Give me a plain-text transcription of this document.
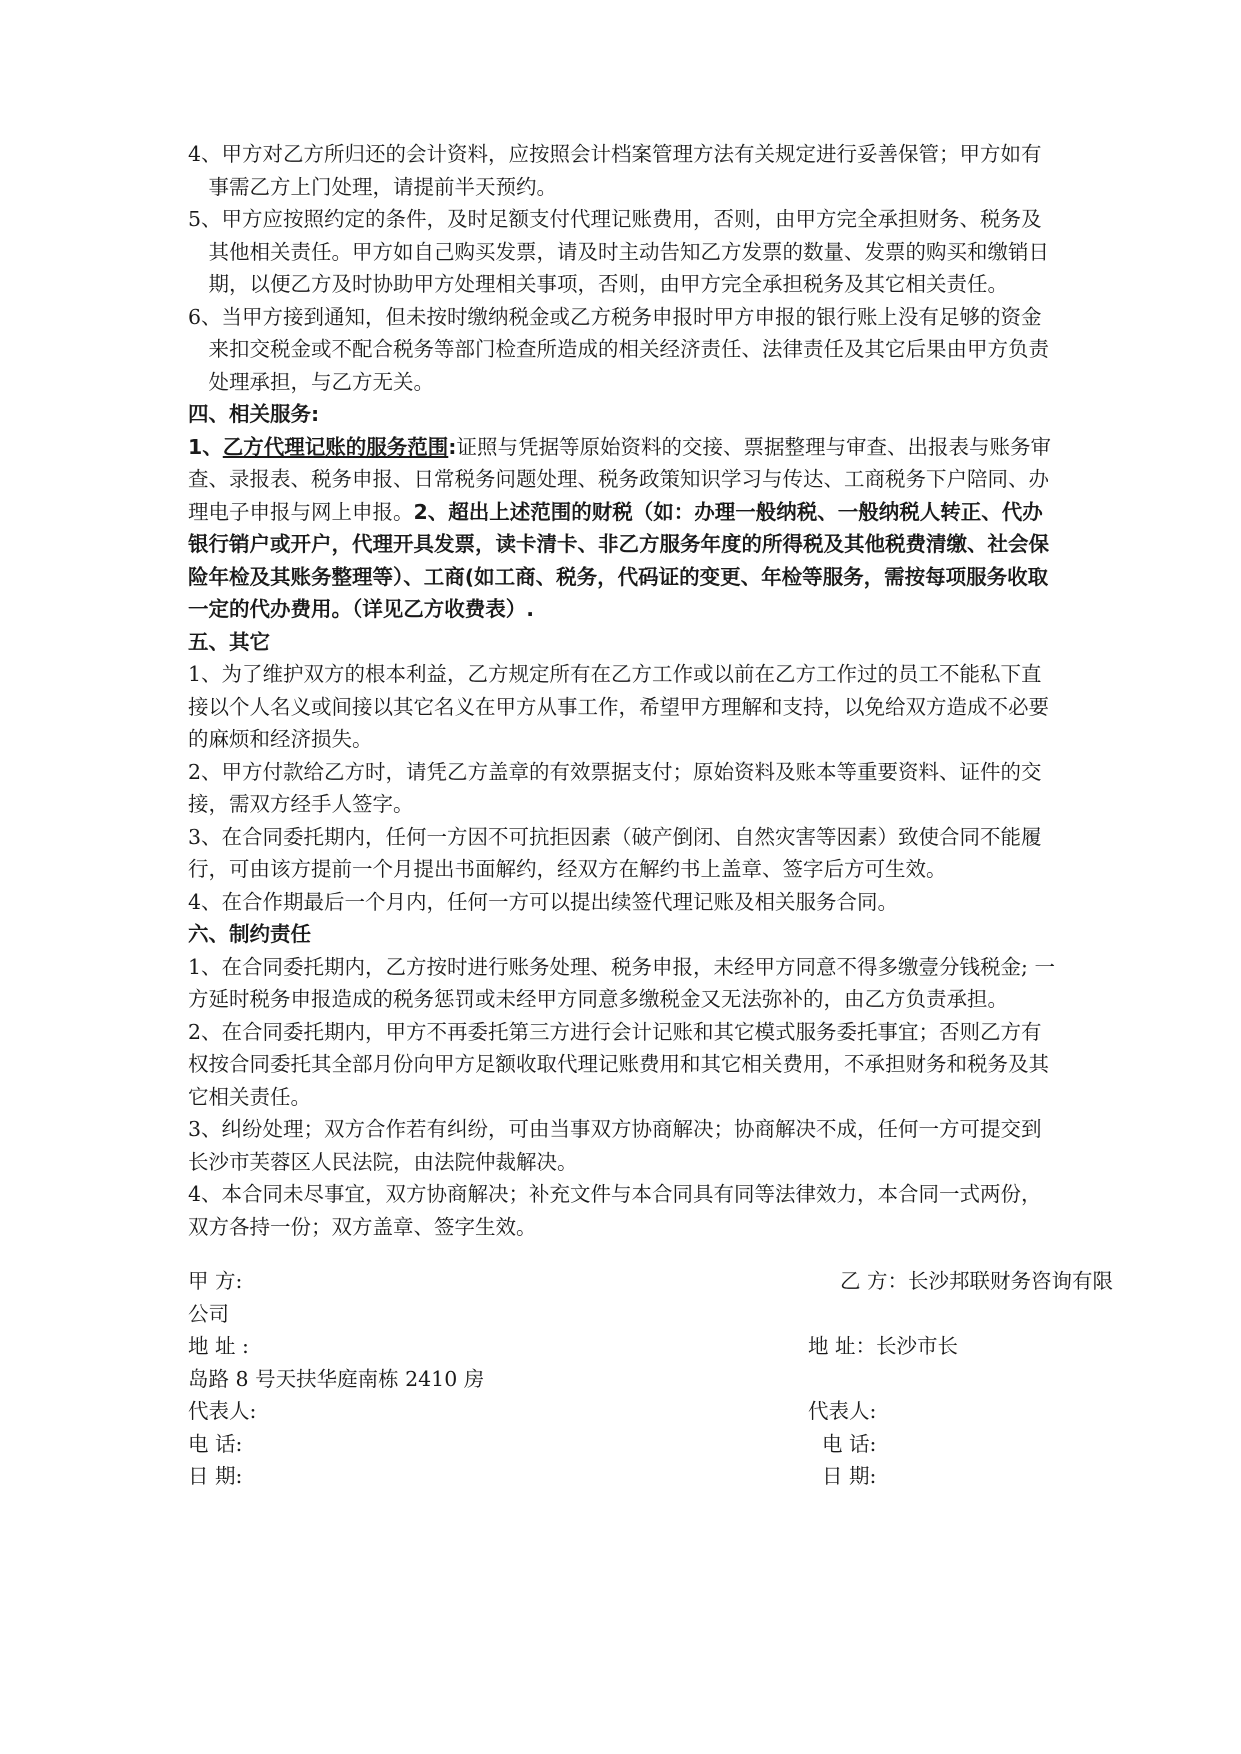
4、甲方对乙方所归还的会计资料，应按照会计档案管理方法有关规定进行妥善保管；甲方如有事需乙方上门处理，请提前半天预约。

5、甲方应按照约定的条件，及时足额支付代理记账费用，否则，由甲方完全承担财务、税务及其他相关责任。甲方如自己购买发票，请及时主动告知乙方发票的数量、发票的购买和缴销日期，以便乙方及时协助甲方处理相关事项，否则，由甲方完全承担税务及其它相关责任。

6、当甲方接到通知，但未按时缴纳税金或乙方税务申报时甲方申报的银行账上没有足够的资金来扣交税金或不配合税务等部门检查所造成的相关经济责任、法律责任及其它后果由甲方负责处理承担，与乙方无关。

四、相关服务:

1、乙方代理记账的服务范围:证照与凭据等原始资料的交接、票据整理与审查、出报表与账务审查、录报表、税务申报、日常税务问题处理、税务政策知识学习与传达、工商税务下户陪同、办理电子申报与网上申报。2、超出上述范围的财税（如：办理一般纳税、一般纳税人转正、代办银行销户或开户，代理开具发票，读卡清卡、非乙方服务年度的所得税及其他税费清缴、社会保险年检及其账务整理等）、工商(如工商、税务，代码证的变更、年检等服务，需按每项服务收取一定的代办费用。（详见乙方收费表）.

五、其它

1、为了维护双方的根本利益，乙方规定所有在乙方工作或以前在乙方工作过的员工不能私下直接以个人名义或间接以其它名义在甲方从事工作，希望甲方理解和支持，以免给双方造成不必要的麻烦和经济损失。

2、甲方付款给乙方时，请凭乙方盖章的有效票据支付；原始资料及账本等重要资料、证件的交接，需双方经手人签字。

3、在合同委托期内，任何一方因不可抗拒因素（破产倒闭、自然灾害等因素）致使合同不能履行，可由该方提前一个月提出书面解约，经双方在解约书上盖章、签字后方可生效。

4、在合作期最后一个月内，任何一方可以提出续签代理记账及相关服务合同。

六、制约责任

1、在合同委托期内，乙方按时进行账务处理、税务申报，未经甲方同意不得多缴壹分钱税金; 一方延时税务申报造成的税务惩罚或未经甲方同意多缴税金又无法弥补的，由乙方负责承担。

2、在合同委托期内，甲方不再委托第三方进行会计记账和其它模式服务委托事宜；否则乙方有权按合同委托其全部月份向甲方足额收取代理记账费用和其它相关费用，不承担财务和税务及其它相关责任。

3、纠纷处理；双方合作若有纠纷，可由当事双方协商解决；协商解决不成，任何一方可提交到长沙市芙蓉区人民法院，由法院仲裁解决。

4、本合同未尽事宜，双方协商解决；补充文件与本合同具有同等法律效力，本合同一式两份，双方各持一份；双方盖章、签字生效。

甲 方:	乙 方：长沙邦联财务咨询有限
公司
地 址 :	地 址：长沙市长
岛路 8 号天扶华庭南栋 2410 房
代表人:	代表人:
电 话:	电 话:
日 期:	日 期:
